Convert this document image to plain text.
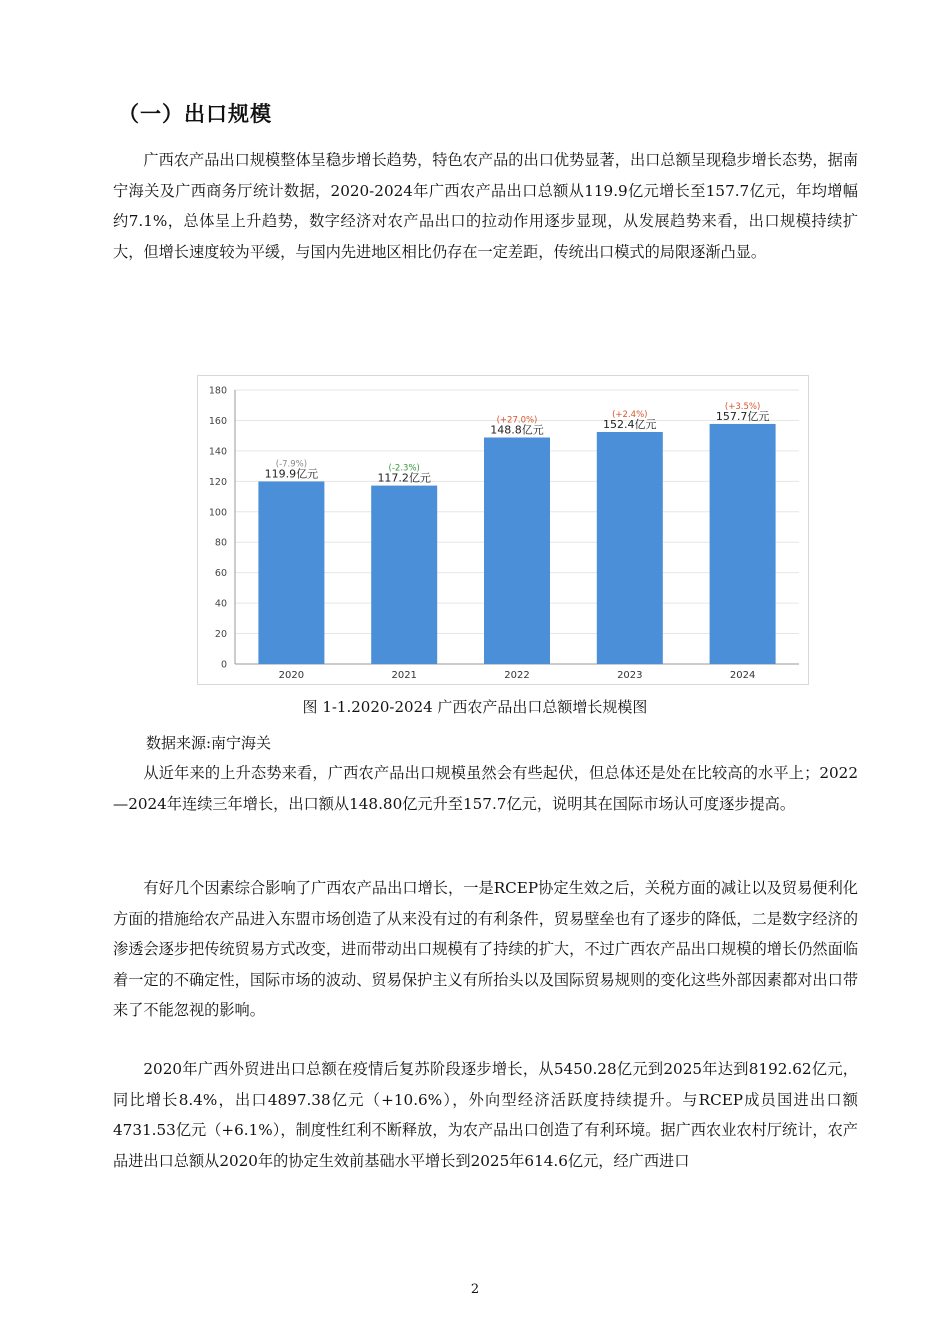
（一）出口规模

广西农产品出口规模整体呈稳步增长趋势，特色农产品的出口优势显著，出口总额呈现稳步增长态势，据南宁海关及广西商务厅统计数据，2020-2024年广西农产品出口总额从119.9亿元增长至157.7亿元，年均增幅约7.1%，总体呈上升趋势，数字经济对农产品出口的拉动作用逐步显现，从发展趋势来看，出口规模持续扩大，但增长速度较为平缓，与国内先进地区相比仍存在一定差距，传统出口模式的局限逐渐凸显。

0
20
40
60
80
100
120
140
160
180
2020
119.9亿元
(-7.9%)
2021
117.2亿元
(-2.3%)
2022
148.8亿元
(+27.0%)
2023
152.4亿元
(+2.4%)
2024
157.7亿元
(+3.5%)
图 1-1.2020-2024 广西农产品出口总额增长规模图
数据来源:南宁海关

从近年来的上升态势来看，广西农产品出口规模虽然会有些起伏，但总体还是处在比较高的水平上；2022—2024年连续三年增长，出口额从148.80亿元升至157.7亿元，说明其在国际市场认可度逐步提高。

有好几个因素综合影响了广西农产品出口增长，一是RCEP协定生效之后，关税方面的减让以及贸易便利化方面的措施给农产品进入东盟市场创造了从来没有过的有利条件，贸易壁垒也有了逐步的降低，二是数字经济的渗透会逐步把传统贸易方式改变，进而带动出口规模有了持续的扩大，不过广西农产品出口规模的增长仍然面临着一定的不确定性，国际市场的波动、贸易保护主义有所抬头以及国际贸易规则的变化这些外部因素都对出口带来了不能忽视的影响。

2020年广西外贸进出口总额在疫情后复苏阶段逐步增长，从5450.28亿元到2025年达到8192.62亿元，同比增长8.4%，出口4897.38亿元（+10.6%），外向型经济活跃度持续提升。与RCEP成员国进出口额4731.53亿元（+6.1%），制度性红利不断释放，为农产品出口创造了有利环境。据广西农业农村厅统计，农产品进出口总额从2020年的协定生效前基础水平增长到2025年614.6亿元，经广西进口

2
